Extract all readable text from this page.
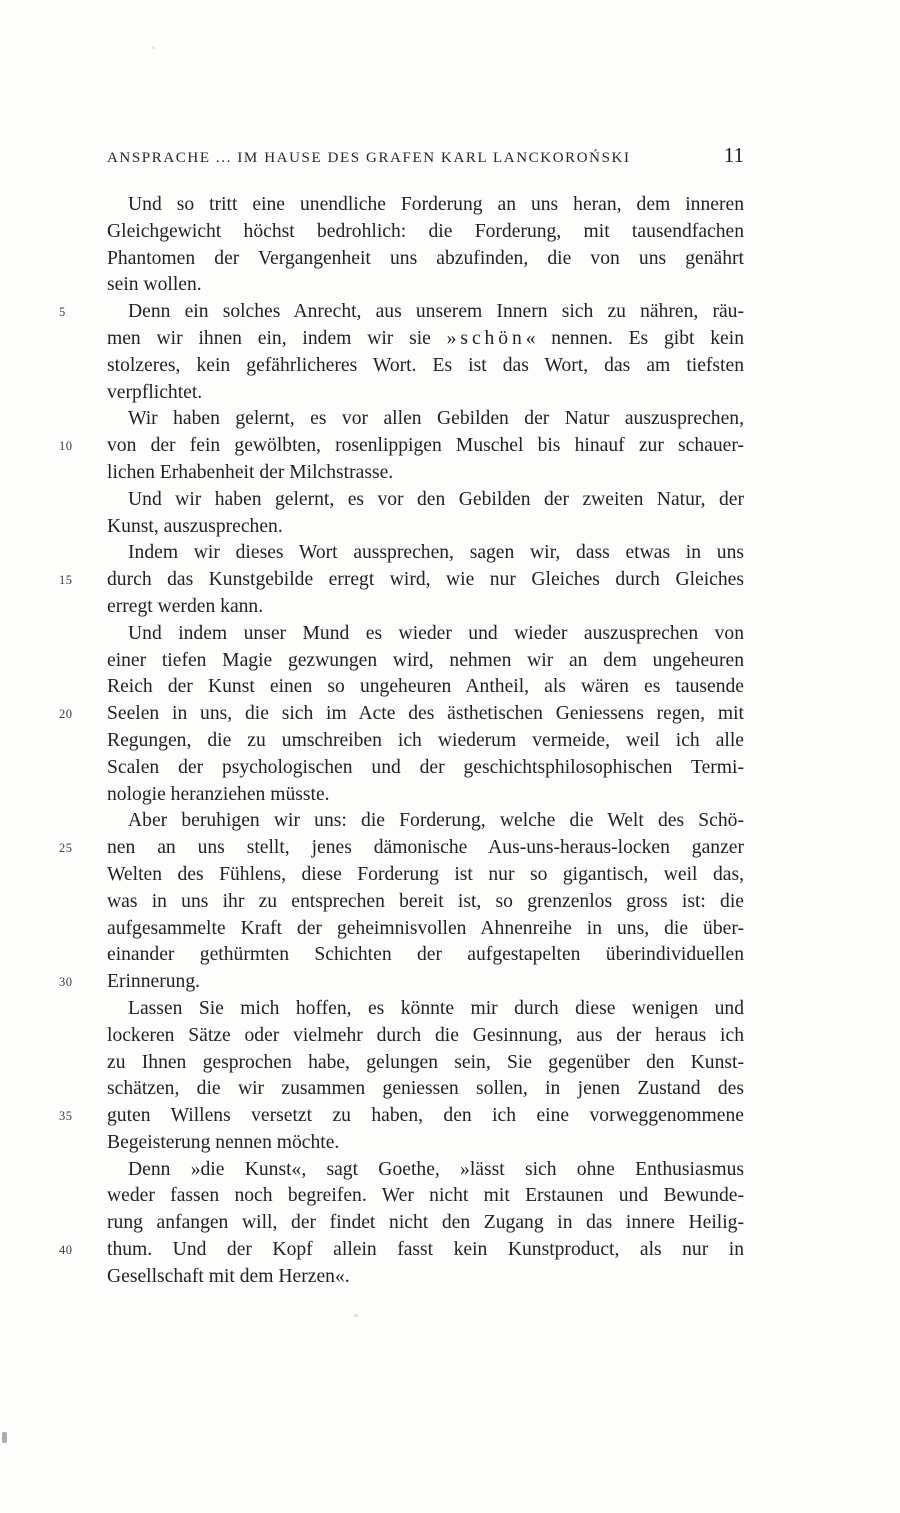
ANSPRACHE ... IM HAUSE DES GRAFEN KARL LANCKOROŃSKI	11
Und so tritt eine unendliche Forderung an uns heran, dem inneren
Gleichgewicht höchst bedrohlich: die Forderung, mit tausendfachen
Phantomen der Vergangenheit uns abzufinden, die von uns genährt
sein wollen.
5	Denn ein solches Anrecht, aus unserem Innern sich zu nähren, räu-
men wir ihnen ein, indem wir sie » s c h ö n « nennen. Es gibt kein
stolzeres, kein gefährlicheres Wort. Es ist das Wort, das am tiefsten
verpflichtet.
Wir haben gelernt, es vor allen Gebilden der Natur auszusprechen,
10	von der fein gewölbten, rosenlippigen Muschel bis hinauf zur schauer-
lichen Erhabenheit der Milchstrasse.
Und wir haben gelernt, es vor den Gebilden der zweiten Natur, der
Kunst, auszusprechen.
Indem wir dieses Wort aussprechen, sagen wir, dass etwas in uns
15	durch das Kunstgebilde erregt wird, wie nur Gleiches durch Gleiches
erregt werden kann.
Und indem unser Mund es wieder und wieder auszusprechen von
einer tiefen Magie gezwungen wird, nehmen wir an dem ungeheuren
Reich der Kunst einen so ungeheuren Antheil, als wären es tausende
20	Seelen in uns, die sich im Acte des ästhetischen Geniessens regen, mit
Regungen, die zu umschreiben ich wiederum vermeide, weil ich alle
Scalen der psychologischen und der geschichtsphilosophischen Termi-
nologie heranziehen müsste.
Aber beruhigen wir uns: die Forderung, welche die Welt des Schö-
25	nen an uns stellt, jenes dämonische Aus-uns-heraus-locken ganzer
Welten des Fühlens, diese Forderung ist nur so gigantisch, weil das,
was in uns ihr zu entsprechen bereit ist, so grenzenlos gross ist: die
aufgesammelte Kraft der geheimnisvollen Ahnenreihe in uns, die über-
einander gethürmten Schichten der aufgestapelten überindividuellen
30	Erinnerung.
Lassen Sie mich hoffen, es könnte mir durch diese wenigen und
lockeren Sätze oder vielmehr durch die Gesinnung, aus der heraus ich
zu Ihnen gesprochen habe, gelungen sein, Sie gegenüber den Kunst-
schätzen, die wir zusammen geniessen sollen, in jenen Zustand des
35	guten Willens versetzt zu haben, den ich eine vorweggenommene
Begeisterung nennen möchte.
Denn »die Kunst«, sagt Goethe, »lässt sich ohne Enthusiasmus
weder fassen noch begreifen. Wer nicht mit Erstaunen und Bewunde-
rung anfangen will, der findet nicht den Zugang in das innere Heilig-
40	thum. Und der Kopf allein fasst kein Kunstproduct, als nur in
Gesellschaft mit dem Herzen«.
